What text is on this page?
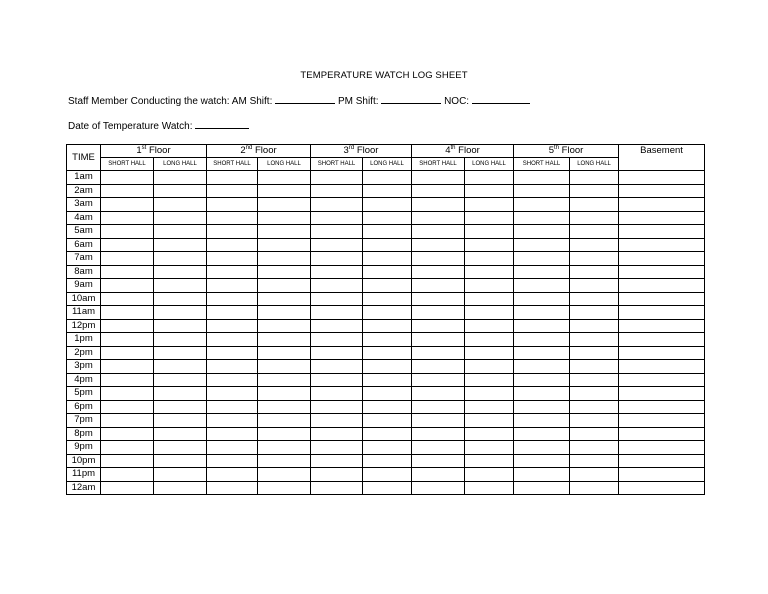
TEMPERATURE WATCH LOG SHEET
Staff Member Conducting the watch: AM Shift:	PM Shift:	NOC:
Date of Temperature Watch:
TIME	1st Floor		2nd Floor		3rd Floor		4th Floor		5th Floor		Basement
	SHORT HALL	LONG HALL	SHORT HALL	LONG HALL	SHORT HALL	LONG HALL	SHORT HALL	LONG HALL	SHORT HALL	LONG HALL	
1am											
2am											
3am											
4am											
5am											
6am											
7am											
8am											
9am											
10am											
11am											
12pm											
1pm											
2pm											
3pm											
4pm											
5pm											
6pm											
7pm											
8pm											
9pm											
10pm											
11pm											
12am											
